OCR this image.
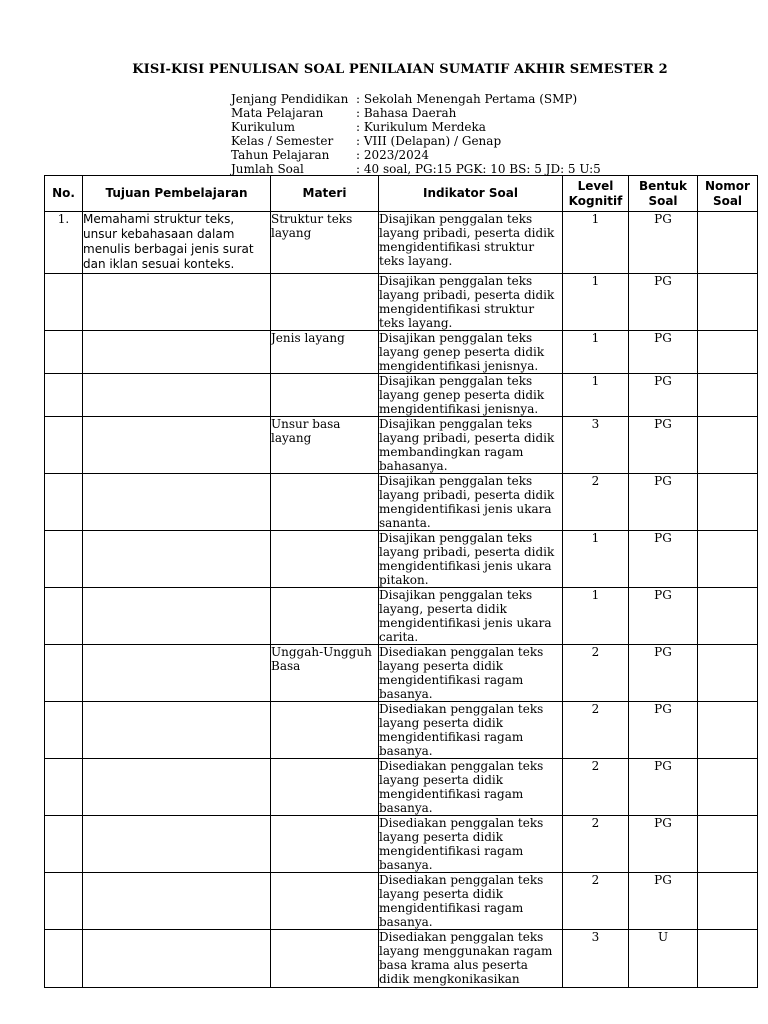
KISI-KISI PENULISAN SOAL PENILAIAN SUMATIF AKHIR SEMESTER 2
Jenjang Pendidikan : Sekolah Menengah Pertama (SMP)
Mata Pelajaran	: Bahasa Daerah
Kurikulum	: Kurikulum Merdeka
Kelas / Semester	: VIII (Delapan) / Genap
Tahun Pelajaran	: 2023/2024
Jumlah Soal	: 40 soal, PG:15 PGK: 10 BS: 5 JD: 5 U:5
No.	Tujuan Pembelajaran	Materi	Indikator Soal	Level Kognitif	Bentuk Soal	Nomor Soal
1.	Memahami struktur teks, unsur kebahasaan dalam menulis berbagai jenis surat dan iklan sesuai konteks.	Struktur teks layang	Disajikan penggalan teks layang pribadi, peserta didik mengidentifikasi struktur teks layang.	1	PG	
			Disajikan penggalan teks layang pribadi, peserta didik mengidentifikasi struktur teks layang.	1	PG	
		Jenis layang	Disajikan penggalan teks layang genep peserta didik mengidentifikasi jenisnya.	1	PG	
			Disajikan penggalan teks layang genep peserta didik mengidentifikasi jenisnya.	1	PG	
		Unsur basa layang	Disajikan penggalan teks layang pribadi, peserta didik membandingkan ragam bahasanya.	3	PG	
			Disajikan penggalan teks layang pribadi, peserta didik mengidentifikasi jenis ukara sananta.	2	PG	
			Disajikan penggalan teks layang pribadi, peserta didik mengidentifikasi jenis ukara pitakon.	1	PG	
			Disajikan penggalan teks layang, peserta didik mengidentifikasi jenis ukara carita.	1	PG	
		Unggah-Ungguh Basa	Disediakan penggalan teks layang peserta didik mengidentifikasi ragam basanya.	2	PG	
			Disediakan penggalan teks layang peserta didik mengidentifikasi ragam basanya.	2	PG	
			Disediakan penggalan teks layang peserta didik mengidentifikasi ragam basanya.	2	PG	
			Disediakan penggalan teks layang peserta didik mengidentifikasi ragam basanya.	2	PG	
			Disediakan penggalan teks layang peserta didik mengidentifikasi ragam basanya.	2	PG	
			Disediakan penggalan teks layang menggunakan ragam basa krama alus peserta didik mengkonikasikan	3	U	
